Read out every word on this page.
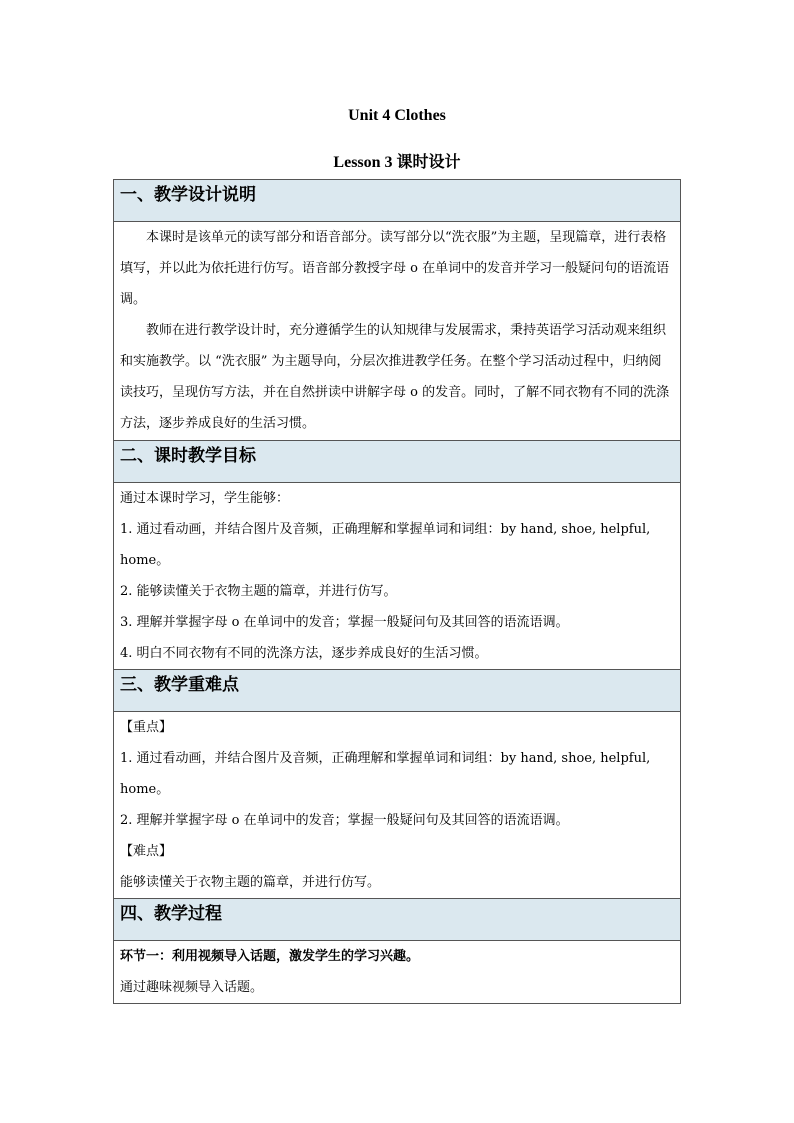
Unit 4 Clothes
Lesson 3 课时设计
一、教学设计说明

本课时是该单元的读写部分和语音部分。读写部分以“洗衣服”为主题，呈现篇章，进行表格填写，并以此为依托进行仿写。语音部分教授字母 o 在单词中的发音并学习一般疑问句的语流语调。

教师在进行教学设计时，充分遵循学生的认知规律与发展需求，秉持英语学习活动观来组织和实施教学。以 “洗衣服” 为主题导向，分层次推进教学任务。在整个学习活动过程中，归纳阅读技巧，呈现仿写方法，并在自然拼读中讲解字母 o 的发音。同时，了解不同衣物有不同的洗涤方法，逐步养成良好的生活习惯。

二、课时教学目标

通过本课时学习，学生能够：

1. 通过看动画，并结合图片及音频，正确理解和掌握单词和词组：by hand, shoe, helpful, home。

2. 能够读懂关于衣物主题的篇章，并进行仿写。

3. 理解并掌握字母 o 在单词中的发音；掌握一般疑问句及其回答的语流语调。

4. 明白不同衣物有不同的洗涤方法，逐步养成良好的生活习惯。

三、教学重难点

【重点】

1. 通过看动画，并结合图片及音频，正确理解和掌握单词和词组：by hand, shoe, helpful, home。

2. 理解并掌握字母 o 在单词中的发音；掌握一般疑问句及其回答的语流语调。

【难点】

能够读懂关于衣物主题的篇章，并进行仿写。

四、教学过程

环节一：利用视频导入话题，激发学生的学习兴趣。

通过趣味视频导入话题。
